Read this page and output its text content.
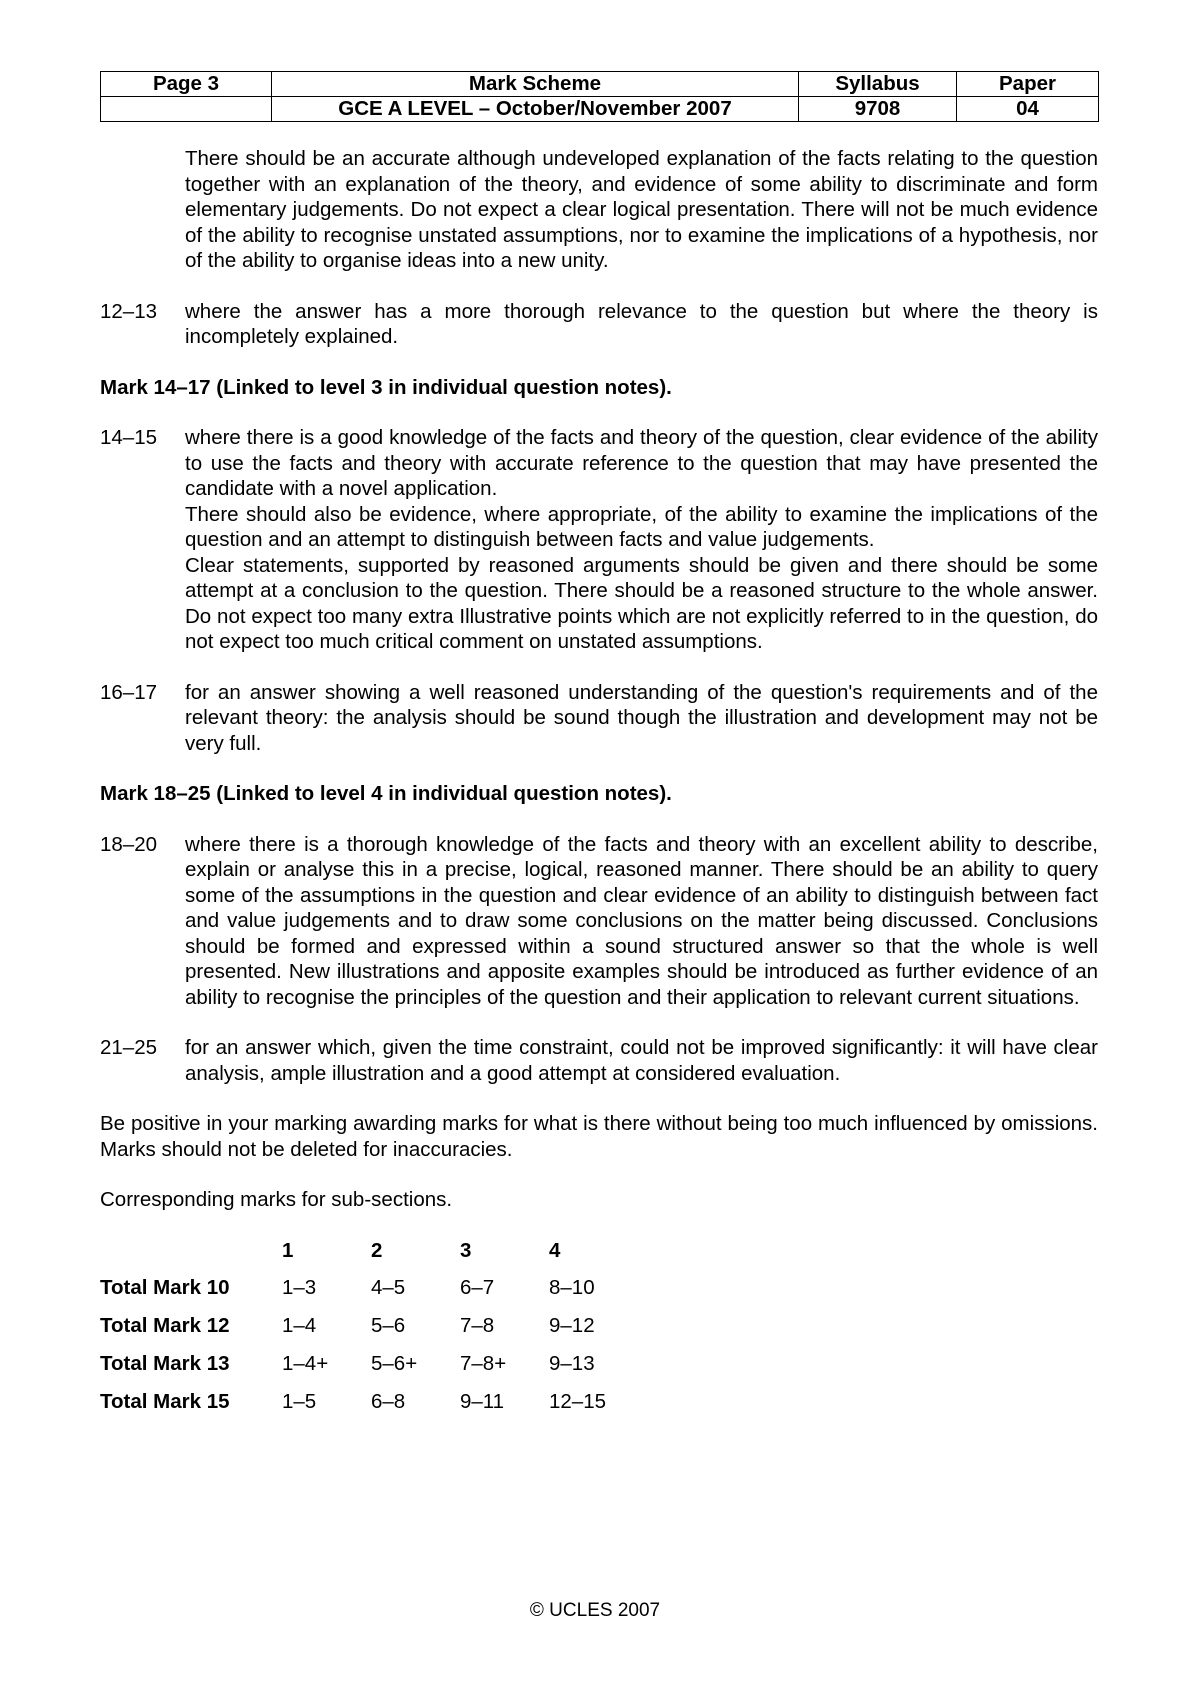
Page 3	Mark Scheme	Syllabus	Paper
	GCE A LEVEL – October/November 2007	9708	04
There should be an accurate although undeveloped explanation of the facts relating to the question together with an explanation of the theory, and evidence of some ability to discriminate and form elementary judgements. Do not expect a clear logical presentation. There will not be much evidence of the ability to recognise unstated assumptions, nor to examine the implications of a hypothesis, nor of the ability to organise ideas into a new unity.
12–13	where the answer has a more thorough relevance to the question but where the theory is incompletely explained.
Mark 14–17 (Linked to level 3 in individual question notes).
14–15	where there is a good knowledge of the facts and theory of the question, clear evidence of the ability to use the facts and theory with accurate reference to the question that may have presented the candidate with a novel application.

There should also be evidence, where appropriate, of the ability to examine the implications of the question and an attempt to distinguish between facts and value judgements.

Clear statements, supported by reasoned arguments should be given and there should be some attempt at a conclusion to the question. There should be a reasoned structure to the whole answer. Do not expect too many extra Illustrative points which are not explicitly referred to in the question, do not expect too much critical comment on unstated assumptions.

16–17	for an answer showing a well reasoned understanding of the question's requirements and of the relevant theory: the analysis should be sound though the illustration and development may not be very full.
Mark 18–25 (Linked to level 4 in individual question notes).
18–20	where there is a thorough knowledge of the facts and theory with an excellent ability to describe, explain or analyse this in a precise, logical, reasoned manner. There should be an ability to query some of the assumptions in the question and clear evidence of an ability to distinguish between fact and value judgements and to draw some conclusions on the matter being discussed. Conclusions should be formed and expressed within a sound structured answer so that the whole is well presented. New illustrations and apposite examples should be introduced as further evidence of an ability to recognise the principles of the question and their application to relevant current situations.
21–25	for an answer which, given the time constraint, could not be improved significantly: it will have clear analysis, ample illustration and a good attempt at considered evaluation.
Be positive in your marking awarding marks for what is there without being too much influenced by omissions. Marks should not be deleted for inaccuracies.
Corresponding marks for sub-sections.
	1	2	3	4
Total Mark 10	1–3	4–5	6–7	8–10
Total Mark 12	1–4	5–6	7–8	9–12
Total Mark 13	1–4+	5–6+	7–8+	9–13
Total Mark 15	1–5	6–8	9–11	12–15
© UCLES 2007
